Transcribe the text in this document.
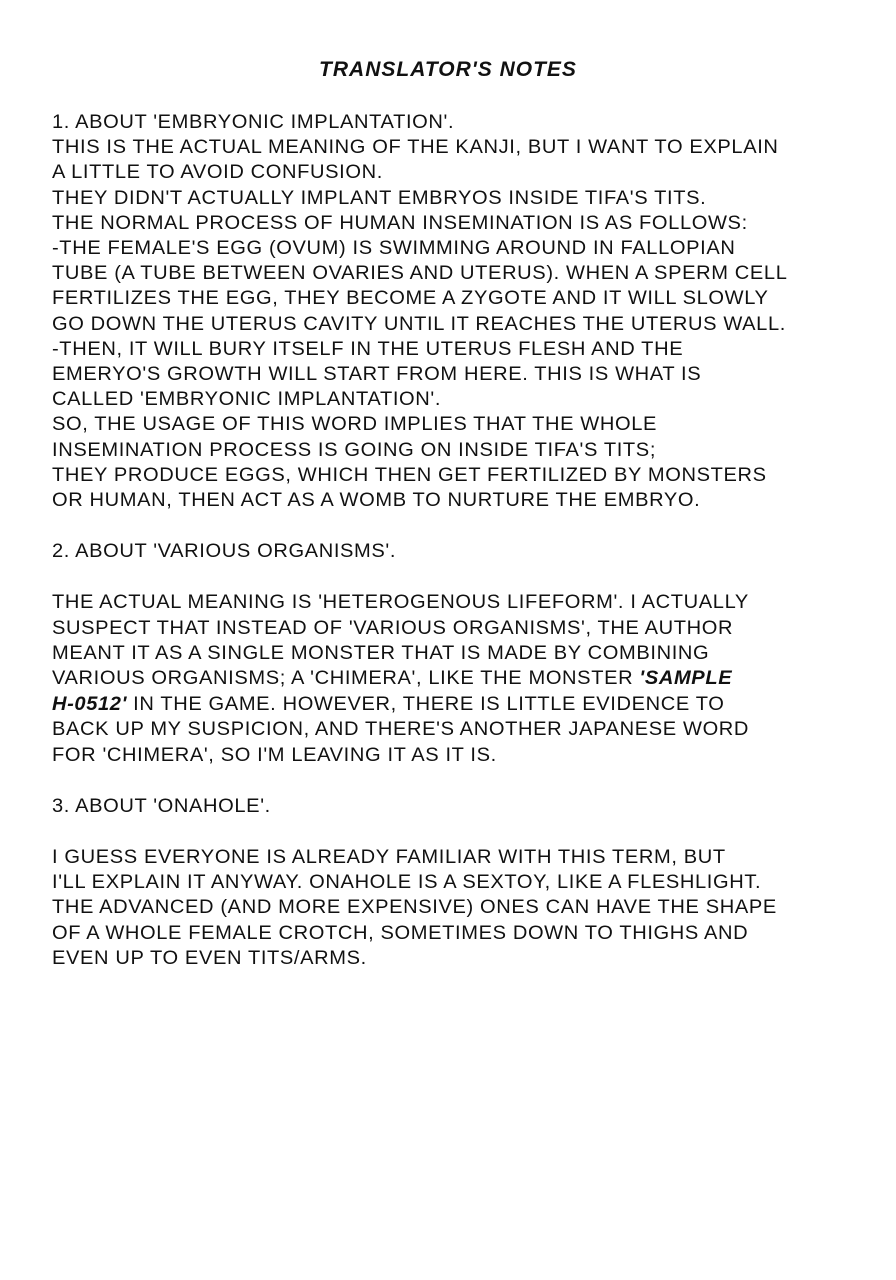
TRANSLATOR'S NOTES
1. ABOUT 'EMBRYONIC IMPLANTATION'.
THIS IS THE ACTUAL MEANING OF THE KANJI, BUT I WANT TO EXPLAIN
A LITTLE TO AVOID CONFUSION.
THEY DIDN'T ACTUALLY IMPLANT EMBRYOS INSIDE TIFA'S TITS.
THE NORMAL PROCESS OF HUMAN INSEMINATION IS AS FOLLOWS:
-THE FEMALE'S EGG (OVUM) IS SWIMMING AROUND IN FALLOPIAN
TUBE (A TUBE BETWEEN OVARIES AND UTERUS). WHEN A SPERM CELL
FERTILIZES THE EGG, THEY BECOME A ZYGOTE AND IT WILL SLOWLY
GO DOWN THE UTERUS CAVITY UNTIL IT REACHES THE UTERUS WALL.
-THEN, IT WILL BURY ITSELF IN THE UTERUS FLESH AND THE
EMERYO'S GROWTH WILL START FROM HERE. THIS IS WHAT IS
CALLED 'EMBRYONIC IMPLANTATION'.
SO, THE USAGE OF THIS WORD IMPLIES THAT THE WHOLE
INSEMINATION PROCESS IS GOING ON INSIDE TIFA'S TITS;
THEY PRODUCE EGGS, WHICH THEN GET FERTILIZED BY MONSTERS
OR HUMAN, THEN ACT AS A WOMB TO NURTURE THE EMBRYO.
2. ABOUT 'VARIOUS ORGANISMS'.
THE ACTUAL MEANING IS 'HETEROGENOUS LIFEFORM'. I ACTUALLY
SUSPECT THAT INSTEAD OF 'VARIOUS ORGANISMS', THE AUTHOR
MEANT IT AS A SINGLE MONSTER THAT IS MADE BY COMBINING
VARIOUS ORGANISMS; A 'CHIMERA', LIKE THE MONSTER 'SAMPLE
H-0512' IN THE GAME. HOWEVER, THERE IS LITTLE EVIDENCE TO
BACK UP MY SUSPICION, AND THERE'S ANOTHER JAPANESE WORD
FOR 'CHIMERA', SO I'M LEAVING IT AS IT IS.
3. ABOUT 'ONAHOLE'.
I GUESS EVERYONE IS ALREADY FAMILIAR WITH THIS TERM, BUT
I'LL EXPLAIN IT ANYWAY. ONAHOLE IS A SEXTOY, LIKE A FLESHLIGHT.
THE ADVANCED (AND MORE EXPENSIVE) ONES CAN HAVE THE SHAPE
OF A WHOLE FEMALE CROTCH, SOMETIMES DOWN TO THIGHS AND
EVEN UP TO EVEN TITS/ARMS.
